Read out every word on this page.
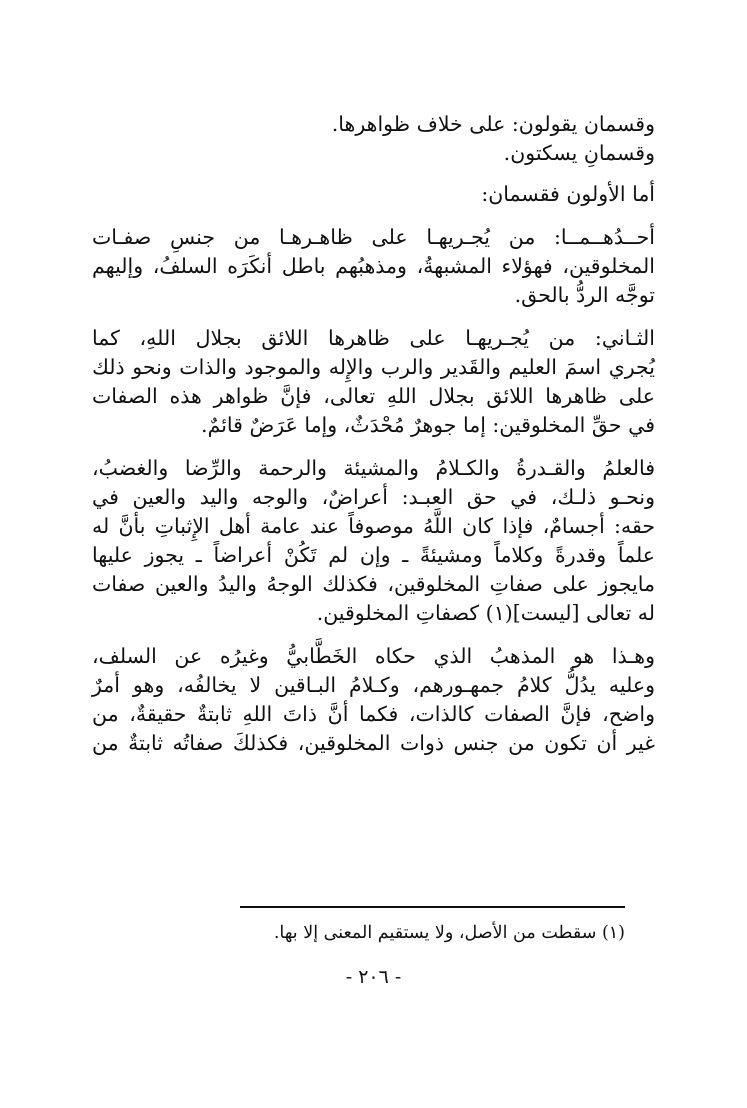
وقسمان يقولون: على خلاف ظواهرها.
وقسمانِ يسكتون.
أما الأولون فقسمان:
أحــدُهــمــا: من يُجـريهـا على ظاهـرهـا من جنسِ صفـات
المخلوقين، فهؤلاء المشبهةُ، ومذهبُهم باطل أنكَرَه السلفُ، وإليهم
توجَّه الردُّ بالحق.
الثـاني: من يُجـريهـا على ظاهرها اللائق بجلال اللهِ، كما
يُجري اسمَ العليم والقَدير والرب والإِله والموجود والذات ونحو ذلك
على ظاهرها اللائق بجلال اللهِ تعالى، فإنَّ ظواهر هذه الصفات
في حقِّ المخلوقين: إما جوهرٌ مُحْدَثٌ، وإما عَرَضٌ قائمٌ.
فالعلمُ والقـدرةُ والكـلامُ والمشيئة والرحمة والرِّضا والغضبُ،
ونحـو ذلـك، في حق العبـد: أعراضٌ، والوجه واليد والعين في
حقه: أجسامٌ، فإذا كان اللَّهُ موصوفاً عند عامة أهل الإِثباتِ بأنَّ له
علماً وقدرةً وكلاماً ومشيئةً ـ وإن لم تَكُنْ أعراضاً ـ يجوز عليها
مايجوز على صفاتِ المخلوقين، فكذلك الوجهُ واليدُ والعين صفات
له تعالى [ليست](١) كصفاتِ المخلوقين.
وهـذا هو المذهبُ الذي حكاه الخَطَّابيُّ وغيرُه عن السلف،
وعليه يدُلُّ كلامُ جمهـورهم، وكـلامُ البـاقين لا يخالفُه، وهو أمرٌ
واضح، فإنَّ الصفات كالذات، فكما أنَّ ذاتَ اللهِ ثابتةٌ حقيقةٌ، من
غير أن تكون من جنس ذوات المخلوقين، فكذلكَ صفاتُه ثابتةٌ من
(١) سقطت من الأصل، ولا يستقيم المعنى إلا بها.
- ٢٠٦ -
